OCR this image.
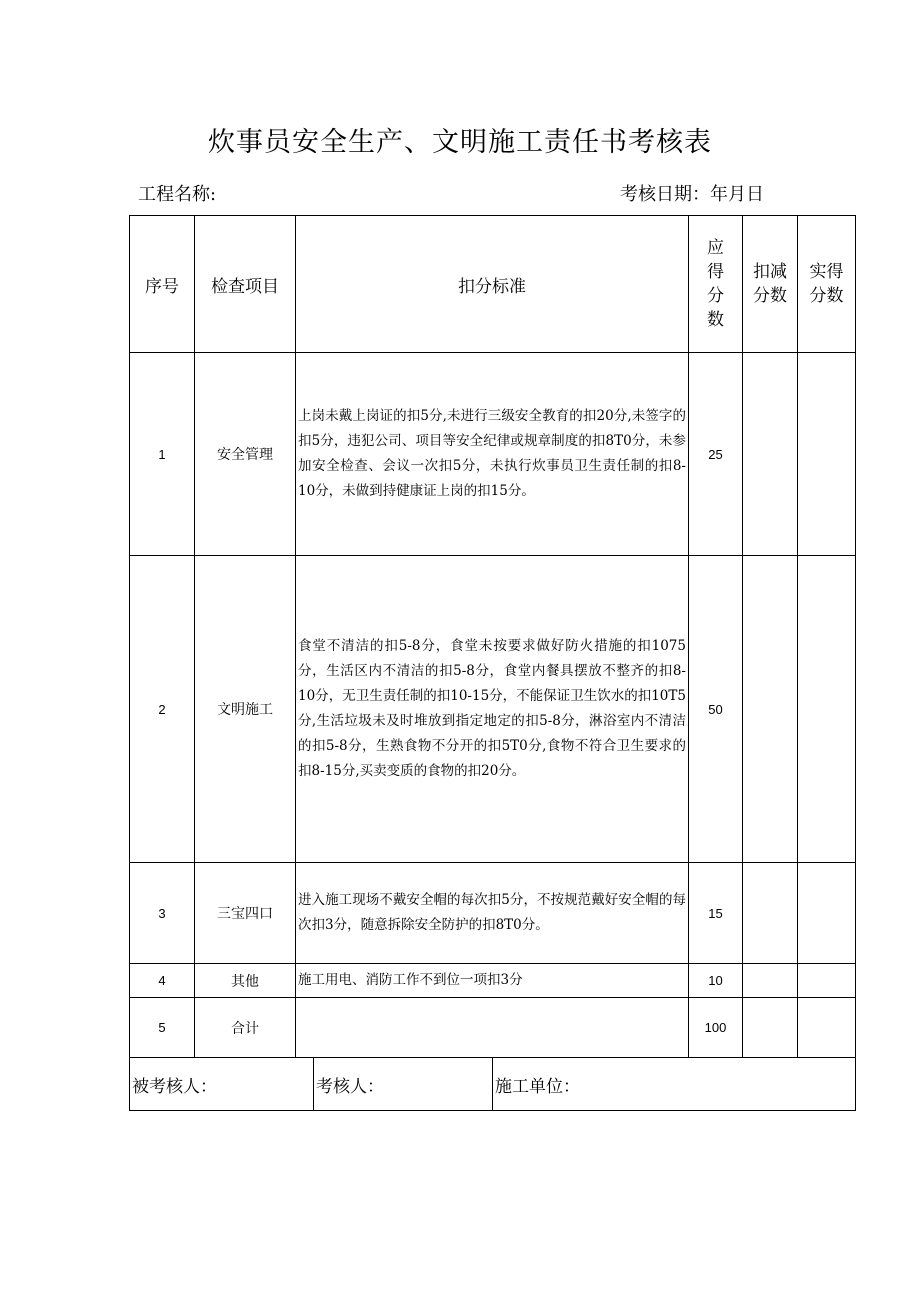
炊事员安全生产、文明施工责任书考核表
工程名称:	考核日期：年月日
序号	检查项目	扣分标准	应得分数	扣减分数	实得分数

1	安全管理	上岗未戴上岗证的扣5分,未进行三级安全教育的扣20分,未签字的扣5分，违犯公司、项目等安全纪律或规章制度的扣8T0分，未参加安全检查、会议一次扣5分，未执行炊事员卫生责任制的扣8-10分，未做到持健康证上岗的扣15分。	25		
2	文明施工	食堂不清洁的扣5-8分，食堂未按要求做好防火措施的扣1075分，生活区内不清洁的扣5-8分，食堂内餐具摆放不整齐的扣8-10分，无卫生责任制的扣10-15分，不能保证卫生饮水的扣10T5分,生活垃圾未及时堆放到指定地定的扣5-8分，淋浴室内不清洁的扣5-8分，生熟食物不分开的扣5T0分,食物不符合卫生要求的扣8-15分,买卖变质的食物的扣20分。	50		
3	三宝四口	进入施工现场不戴安全帽的每次扣5分，不按规范戴好安全帽的每次扣3分，随意拆除安全防护的扣8T0分。	15		
4	其他	施工用电、消防工作不到位一项扣3分	10		
5	合计		100		
被考核人：	考核人：	施工单位：
